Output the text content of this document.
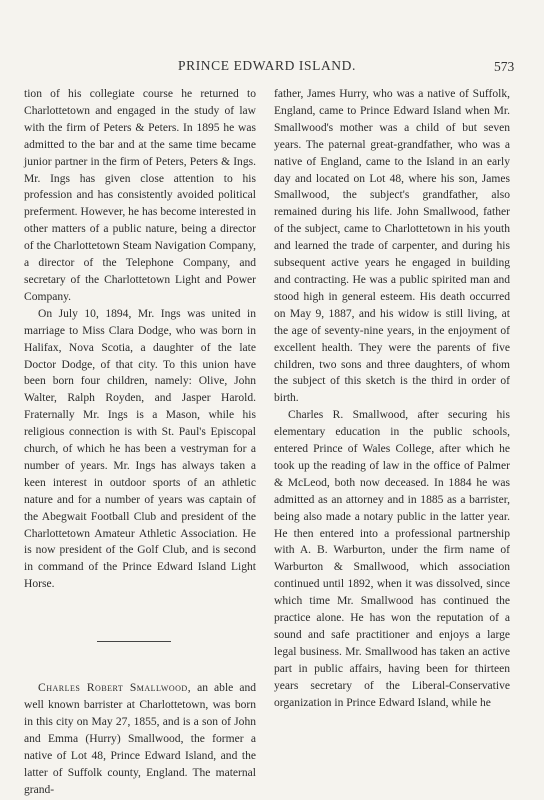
PRINCE EDWARD ISLAND.	573

tion of his collegiate course he returned to Charlottetown and engaged in the study of law with the firm of Peters & Peters. In 1895 he was admitted to the bar and at the same time became junior partner in the firm of Peters, Peters & Ings. Mr. Ings has given close attention to his profession and has consistently avoided political preferment. However, he has become interested in other matters of a public nature, being a director of the Charlottetown Steam Navigation Company, a director of the Telephone Company, and secretary of the Charlottetown Light and Power Company.

On July 10, 1894, Mr. Ings was united in marriage to Miss Clara Dodge, who was born in Halifax, Nova Scotia, a daughter of the late Doctor Dodge, of that city. To this union have been born four children, namely: Olive, John Walter, Ralph Royden, and Jasper Harold. Fraternally Mr. Ings is a Mason, while his religious connection is with St. Paul's Episcopal church, of which he has been a vestryman for a number of years. Mr. Ings has always taken a keen interest in outdoor sports of an athletic nature and for a number of years was captain of the Abegwait Football Club and president of the Charlottetown Amateur Athletic Association. He is now president of the Golf Club, and is second in command of the Prince Edward Island Light Horse.

Charles Robert Smallwood, an able and well known barrister at Charlottetown, was born in this city on May 27, 1855, and is a son of John and Emma (Hurry) Smallwood, the former a native of Lot 48, Prince Edward Island, and the latter of Suffolk county, England. The maternal grand-

father, James Hurry, who was a native of Suffolk, England, came to Prince Edward Island when Mr. Smallwood's mother was a child of but seven years. The paternal great-grandfather, who was a native of England, came to the Island in an early day and located on Lot 48, where his son, James Smallwood, the subject's grandfather, also remained during his life. John Smallwood, father of the subject, came to Charlottetown in his youth and learned the trade of carpenter, and during his subsequent active years he engaged in building and contracting. He was a public spirited man and stood high in general esteem. His death occurred on May 9, 1887, and his widow is still living, at the age of seventy-nine years, in the enjoyment of excellent health. They were the parents of five children, two sons and three daughters, of whom the subject of this sketch is the third in order of birth.

Charles R. Smallwood, after securing his elementary education in the public schools, entered Prince of Wales College, after which he took up the reading of law in the office of Palmer & McLeod, both now deceased. In 1884 he was admitted as an attorney and in 1885 as a barrister, being also made a notary public in the latter year. He then entered into a professional partnership with A. B. Warburton, under the firm name of Warburton & Smallwood, which association continued until 1892, when it was dissolved, since which time Mr. Smallwood has continued the practice alone. He has won the reputation of a sound and safe practitioner and enjoys a large legal business. Mr. Smallwood has taken an active part in public affairs, having been for thirteen years secretary of the Liberal-Conservative organization in Prince Edward Island, while he
